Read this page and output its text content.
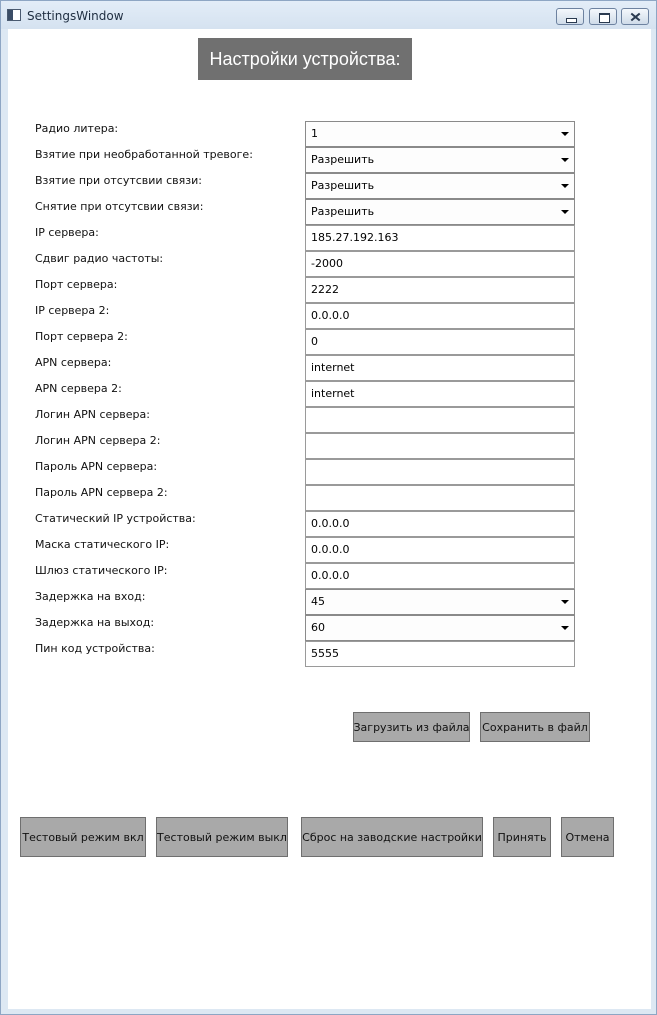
SettingsWindow
Настройки устройства:
Радио литера:	1
Взятие при необработанной тревоге:	Разрешить
Взятие при отсутсвии связи:	Разрешить
Снятие при отсутсвии связи:	Разрешить
IP сервера:	185.27.192.163
Сдвиг радио частоты:	-2000
Порт сервера:	2222
IP сервера 2:	0.0.0.0
Порт сервера 2:	0
APN сервера:	internet
APN сервера 2:	internet
Логин APN сервера:
Логин APN сервера 2:
Пароль APN сервера:
Пароль APN сервера 2:
Статический IP устройства:	0.0.0.0
Маска статического IP:	0.0.0.0
Шлюз статического IP:	0.0.0.0
Задержка на вход:	45
Задержка на выход:	60
Пин код устройства:	5555
Загрузить из файла Сохранить в файл
Тестовый режим вкл Тестовый режим выкл Сброс на заводские настройки	Принять	Отмена
